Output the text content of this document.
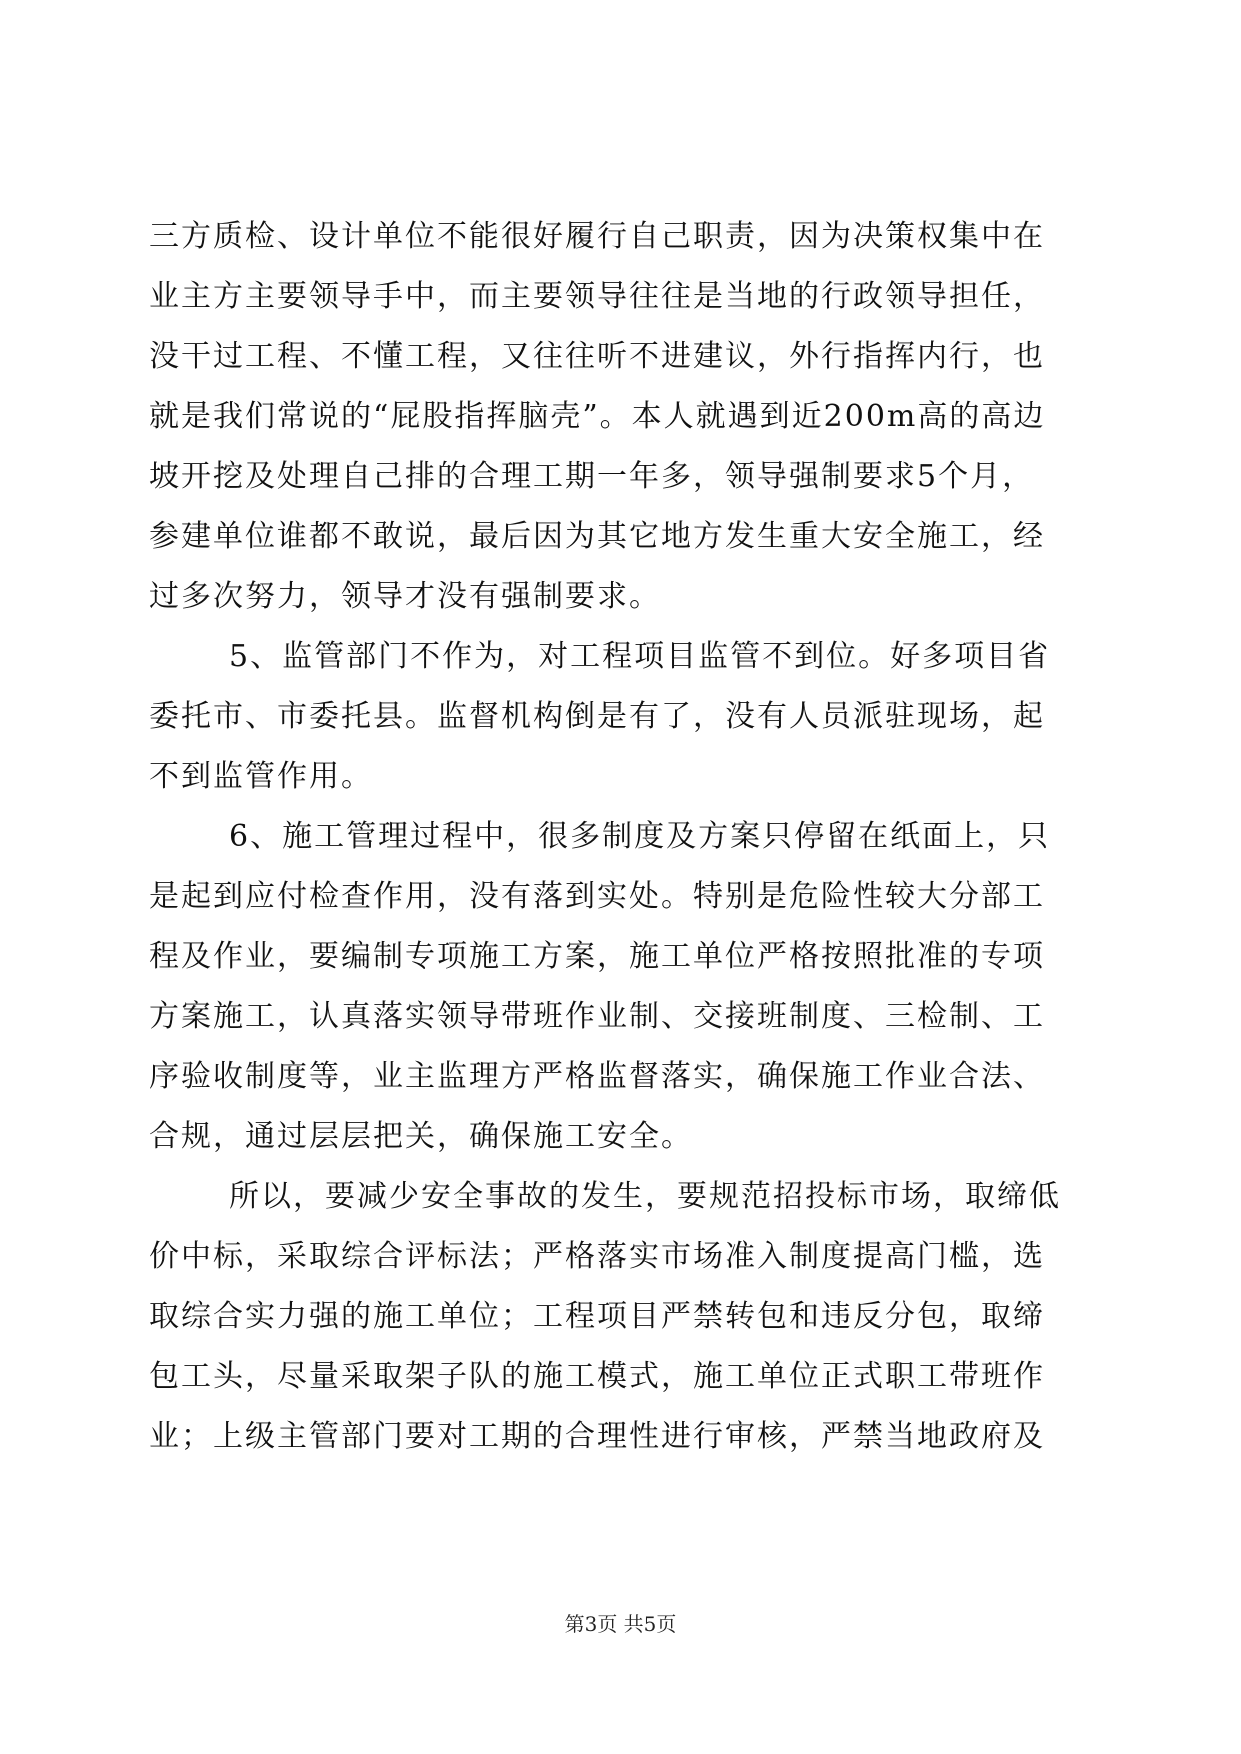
三方质检、设计单位不能很好履行自己职责，因为决策权集中在
业主方主要领导手中，而主要领导往往是当地的行政领导担任，
没干过工程、不懂工程，又往往听不进建议，外行指挥内行，也
就是我们常说的“屁股指挥脑壳”。本人就遇到近200m高的高边
坡开挖及处理自己排的合理工期一年多，领导强制要求5个月，
参建单位谁都不敢说，最后因为其它地方发生重大安全施工，经
过多次努力，领导才没有强制要求。
5、监管部门不作为，对工程项目监管不到位。好多项目省
委托市、市委托县。监督机构倒是有了，没有人员派驻现场，起
不到监管作用。
6、施工管理过程中，很多制度及方案只停留在纸面上，只
是起到应付检查作用，没有落到实处。特别是危险性较大分部工
程及作业，要编制专项施工方案，施工单位严格按照批准的专项
方案施工，认真落实领导带班作业制、交接班制度、三检制、工
序验收制度等，业主监理方严格监督落实，确保施工作业合法、
合规，通过层层把关，确保施工安全。
所以，要减少安全事故的发生，要规范招投标市场，取缔低
价中标，采取综合评标法；严格落实市场准入制度提高门槛，选
取综合实力强的施工单位；工程项目严禁转包和违反分包，取缔
包工头，尽量采取架子队的施工模式，施工单位正式职工带班作
业；上级主管部门要对工期的合理性进行审核，严禁当地政府及
第3页 共5页
